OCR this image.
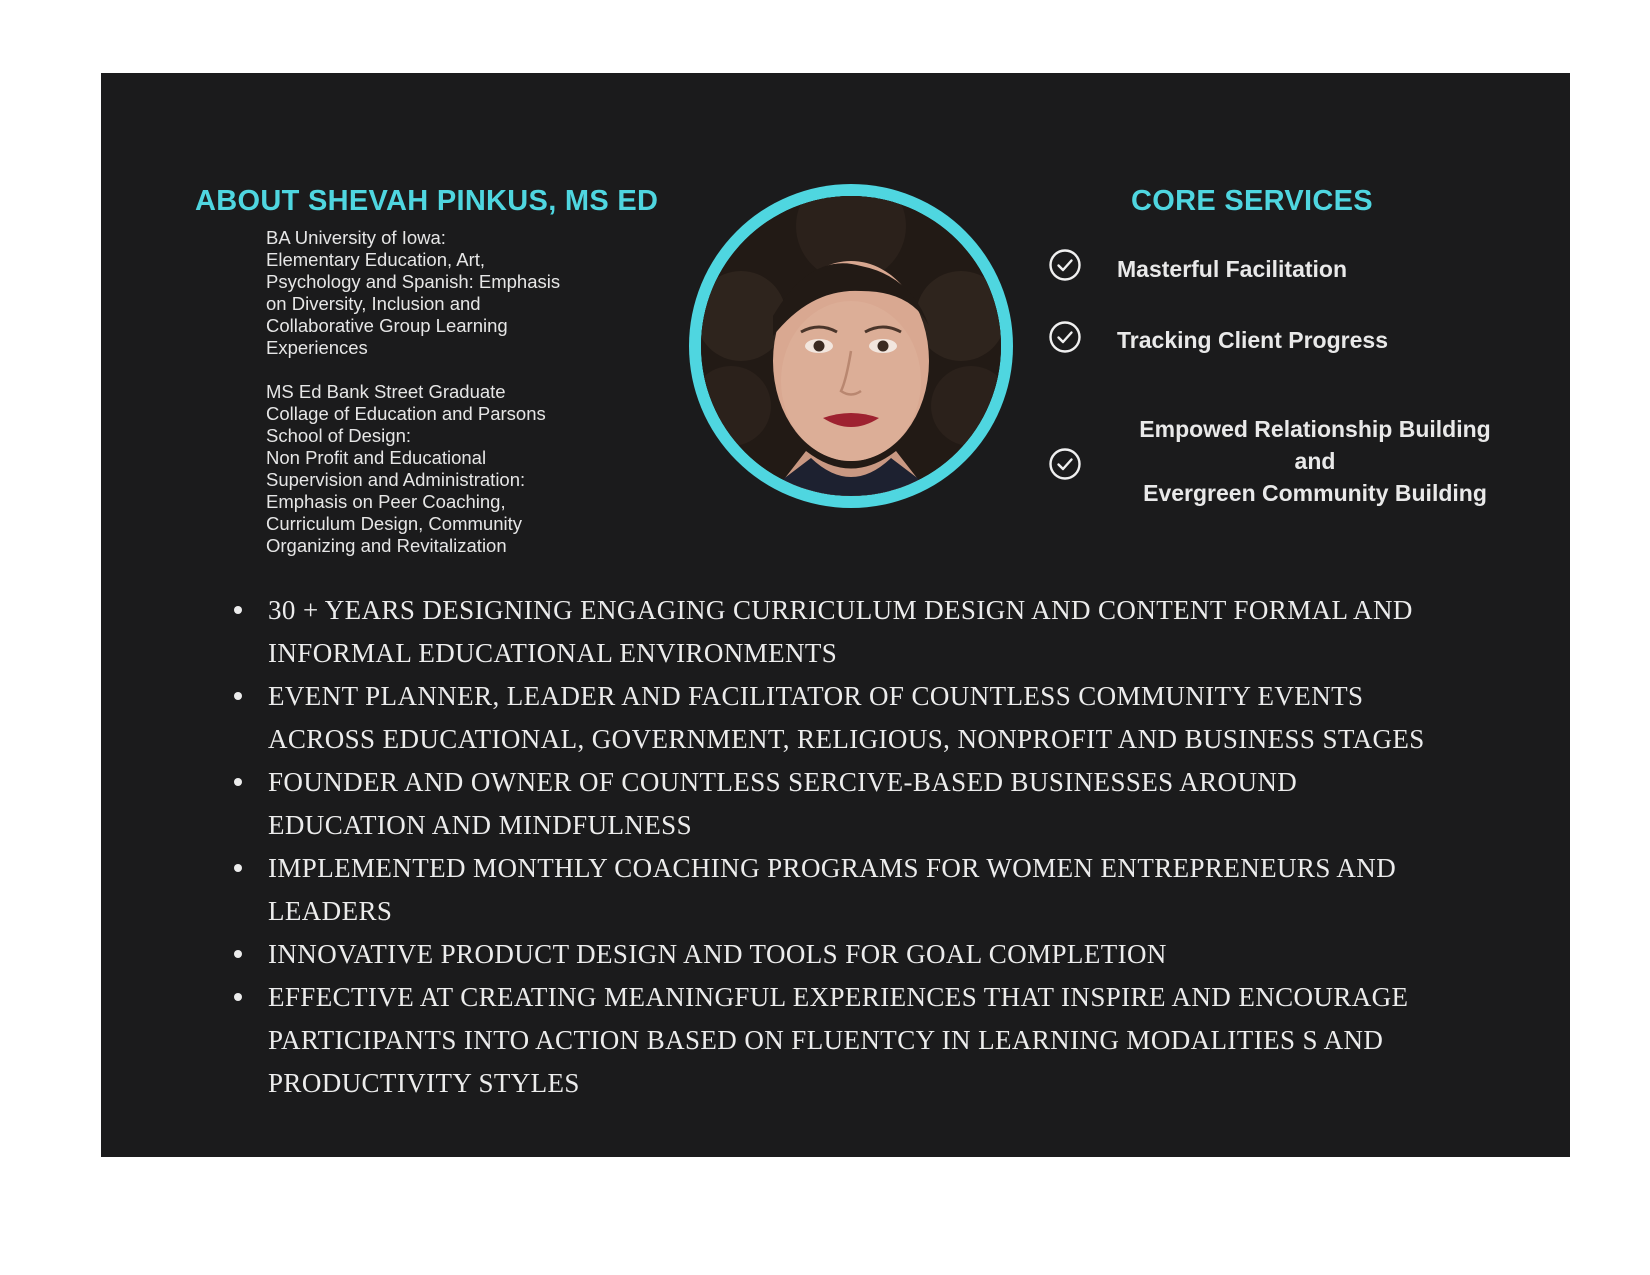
ABOUT SHEVAH PINKUS, MS ED
BA University of Iowa:
Elementary Education, Art,
Psychology and Spanish: Emphasis
on Diversity, Inclusion and
Collaborative Group Learning
Experiences
MS Ed Bank Street Graduate
Collage of Education and Parsons
School of Design:
Non Profit and Educational
Supervision and Administration:
Emphasis on Peer Coaching,
Curriculum Design, Community
Organizing and Revitalization
CORE SERVICES
Masterful Facilitation
Tracking Client Progress
Empowed Relationship Building
and
Evergreen Community Building
30 + YEARS DESIGNING ENGAGING CURRICULUM DESIGN AND CONTENT FORMAL AND INFORMAL EDUCATIONAL ENVIRONMENTS
EVENT PLANNER, LEADER AND FACILITATOR OF COUNTLESS COMMUNITY EVENTS ACROSS EDUCATIONAL, GOVERNMENT, RELIGIOUS, NONPROFIT AND BUSINESS STAGES
FOUNDER AND OWNER OF COUNTLESS SERCIVE-BASED BUSINESSES AROUND EDUCATION AND MINDFULNESS
IMPLEMENTED MONTHLY COACHING PROGRAMS FOR WOMEN ENTREPRENEURS AND LEADERS
INNOVATIVE PRODUCT DESIGN AND TOOLS FOR GOAL COMPLETION
EFFECTIVE AT CREATING MEANINGFUL EXPERIENCES THAT INSPIRE AND ENCOURAGE PARTICIPANTS INTO ACTION BASED ON FLUENTCY IN LEARNING MODALITIES S AND PRODUCTIVITY STYLES
